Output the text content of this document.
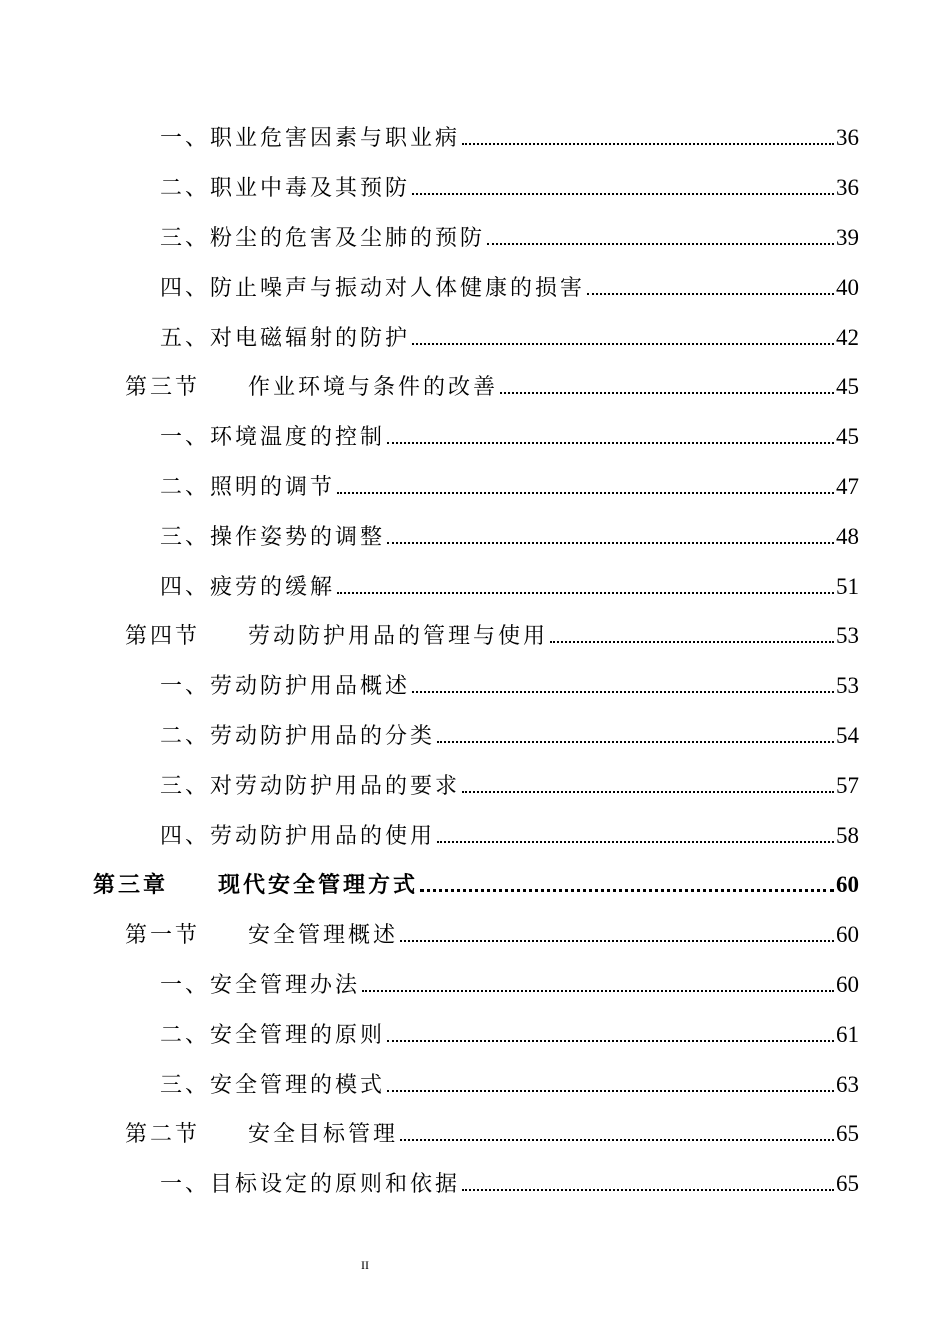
一、 职业危害因素与职业病	36
二、 职业中毒及其预防	36
三、 粉尘的危害及尘肺的预防	39
四、 防止噪声与振动对人体健康的损害	40
五、 对电磁辐射的防护	42
第三节 作业环境与条件的改善	45
一、 环境温度的控制	45
二、 照明的调节	47
三、 操作姿势的调整	48
四、 疲劳的缓解	51
第四节 劳动防护用品的管理与使用	53
一、 劳动防护用品概述	53
二、 劳动防护用品的分类	54
三、 对劳动防护用品的要求	57
四、 劳动防护用品的使用	58
第三章 现代安全管理方式	60
第一节 安全管理概述	60
一、 安全管理办法	60
二、 安全管理的原则	61
三、 安全管理的模式	63
第二节 安全目标管理	65
一、 目标设定的原则和依据	65
II
